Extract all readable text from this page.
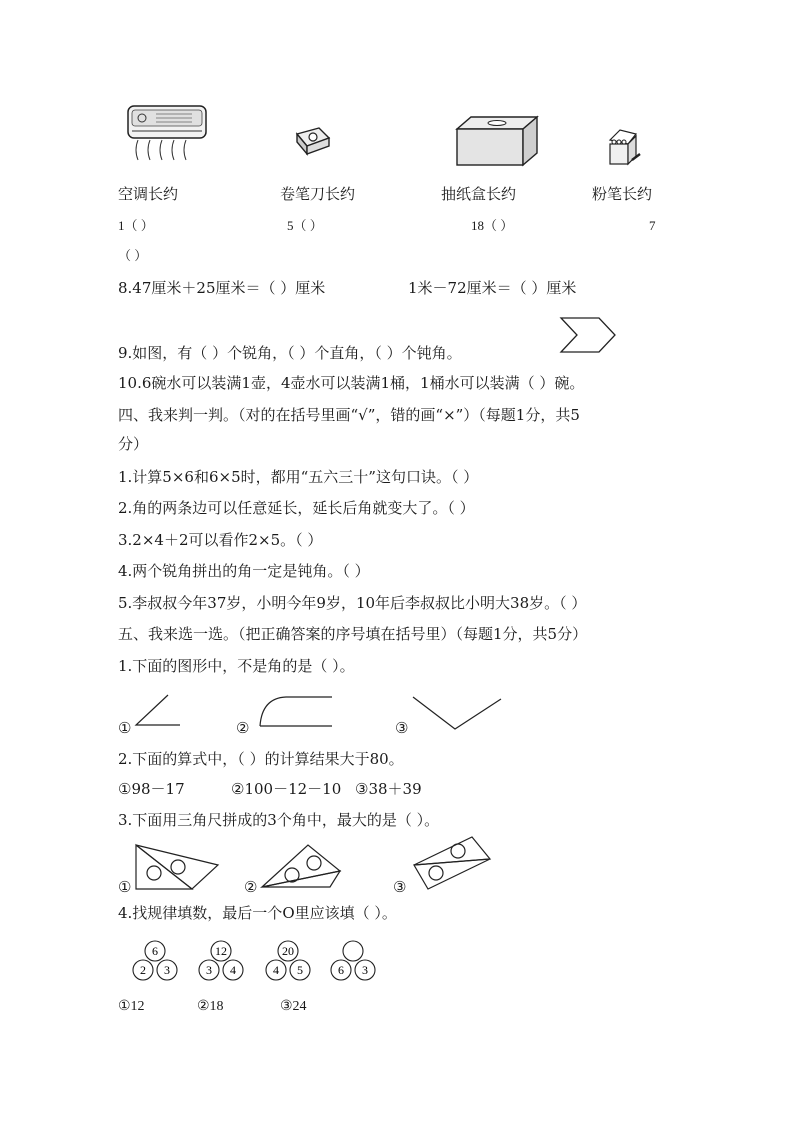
空调长约	卷笔刀长约	抽纸盒长约	粉笔长约
1（ ）	5（ ）	18（ ）	7
（ ）
8.47厘米＋25厘米＝（ ）厘米	1米－72厘米＝（ ）厘米
9.如图，有（ ）个锐角，（ ）个直角，（ ）个钝角。
10.6碗水可以装满1壶，4壶水可以装满1桶，1桶水可以装满（ ）碗。
四、我来判一判。（对的在括号里画“√”，错的画“×”）（每题1分，共5
分）
1.计算5×6和6×5时，都用“五六三十”这句口诀。（ ）
2.角的两条边可以任意延长，延长后角就变大了。（ ）
3.2×4＋2可以看作2×5。（ ）
4.两个锐角拼出的角一定是钝角。（ ）
5.李叔叔今年37岁，小明今年9岁，10年后李叔叔比小明大38岁。（ ）
五、我来选一选。（把正确答案的序号填在括号里）（每题1分，共5分）
1.下面的图形中，不是角的是（ ）。
①	②	③
2.下面的算式中，（ ）的计算结果大于80。
①98－17	②100－12－10 ③38＋39
3.下面用三角尺拼成的3个角中，最大的是（ ）。
①	②	③
4.找规律填数，最后一个O里应该填（ ）。
6
2 3
12
3 4
20
4 5	6 3
①12	②18	③24
